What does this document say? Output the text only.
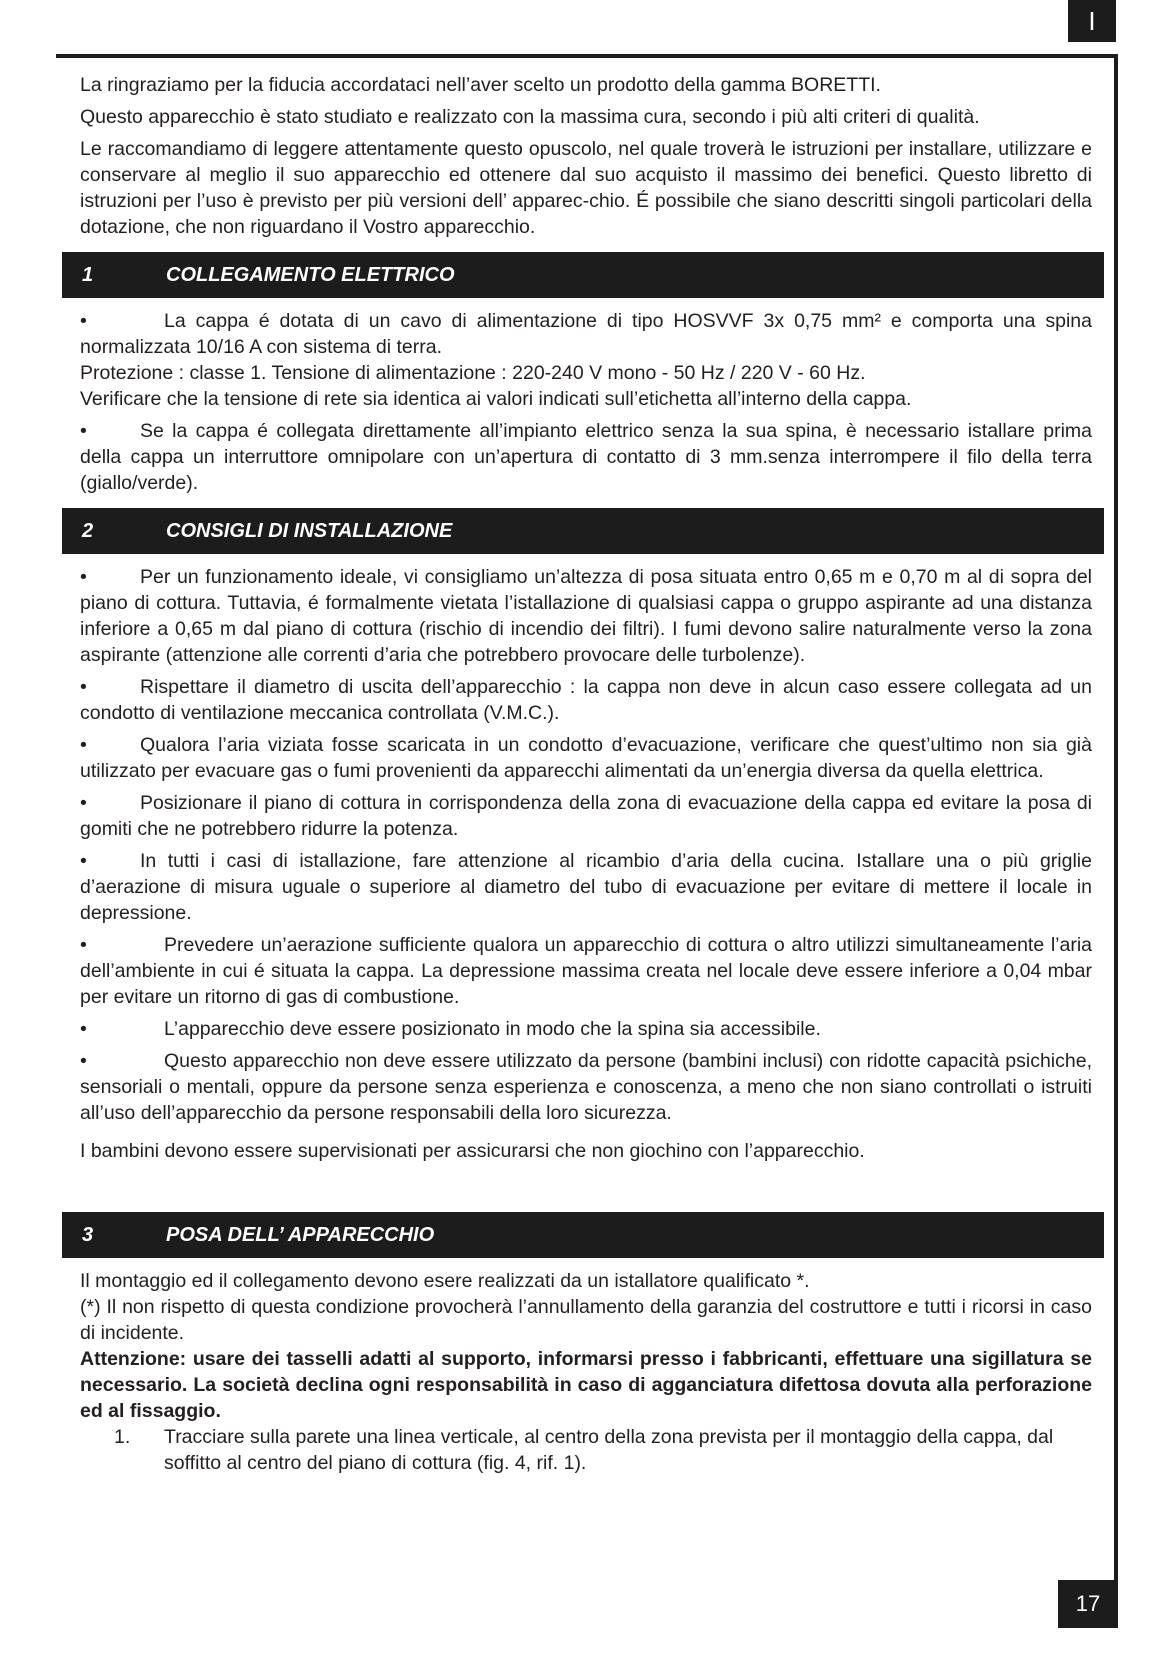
I

La ringraziamo per la fiducia accordataci nell’aver scelto un prodotto della gamma BORETTI.

Questo apparecchio è stato studiato e realizzato con la massima cura, secondo i più alti criteri di qualità.

Le raccomandiamo di leggere attentamente questo opuscolo, nel quale troverà le istruzioni per installare, utilizzare e conservare al meglio il suo apparecchio ed ottenere dal suo acquisto il massimo dei benefici. Questo libretto di istruzioni per l’uso è previsto per più versioni dell’ apparec-chio. É possibile che siano descritti singoli particolari della dotazione, che non riguardano il Vostro apparecchio.

1	COLLEGAMENTO ELETTRICO

•	La cappa é dotata di un cavo di alimentazione di tipo HOSVVF 3x 0,75 mm² e comporta una spina normalizzata 10/16 A con sistema di terra.

Protezione : classe 1. Tensione di alimentazione : 220-240 V mono - 50 Hz / 220 V - 60 Hz.

Verificare che la tensione di rete sia identica ai valori indicati sull’etichetta all’interno della cappa.

•	Se la cappa é collegata direttamente all’impianto elettrico senza la sua spina, è necessario istallare prima della cappa un interruttore omnipolare con un’apertura di contatto di 3 mm.senza interrompere il filo della terra (giallo/verde).

2	CONSIGLI DI INSTALLAZIONE

•	Per un funzionamento ideale, vi consigliamo un’altezza di posa situata entro 0,65 m e 0,70 m al di sopra del piano di cottura. Tuttavia, é formalmente vietata l’istallazione di qualsiasi cappa o gruppo aspirante ad una distanza inferiore a 0,65 m dal piano di cottura (rischio di incendio dei filtri). I fumi devono salire naturalmente verso la zona aspirante (attenzione alle correnti d’aria che potrebbero provocare delle turbolenze).

•	Rispettare il diametro di uscita dell’apparecchio : la cappa non deve in alcun caso essere collegata ad un condotto di ventilazione meccanica controllata (V.M.C.).

•	Qualora l’aria viziata fosse scaricata in un condotto d’evacuazione, verificare che quest’ultimo non sia già utilizzato per evacuare gas o fumi provenienti da apparecchi alimentati da un’energia diversa da quella elettrica.

•	Posizionare il piano di cottura in corrispondenza della zona di evacuazione della cappa ed evitare la posa di gomiti che ne potrebbero ridurre la potenza.

•	In tutti i casi di istallazione, fare attenzione al ricambio d’aria della cucina. Istallare una o più griglie d’aerazione di misura uguale o superiore al diametro del tubo di evacuazione per evitare di mettere il locale in depressione.

•	Prevedere un’aerazione sufficiente qualora un apparecchio di cottura o altro utilizzi simultaneamente l’aria dell’ambiente in cui é situata la cappa. La depressione massima creata nel locale deve essere inferiore a 0,04 mbar per evitare un ritorno di gas di combustione.

•	L’apparecchio deve essere posizionato in modo che la spina sia accessibile.

•	Questo apparecchio non deve essere utilizzato da persone (bambini inclusi) con ridotte capacità psichiche, sensoriali o mentali, oppure da persone senza esperienza e conoscenza, a meno che non siano controllati o istruiti all’uso dell’apparecchio da persone responsabili della loro sicurezza.

I bambini devono essere supervisionati per assicurarsi che non giochino con l’apparecchio.

3	POSA DELL’ APPARECCHIO

Il montaggio ed il collegamento devono esere realizzati da un istallatore qualificato *.

(*) Il non rispetto di questa condizione provocherà l’annullamento della garanzia del costruttore e tutti i ricorsi in caso di incidente.

Attenzione: usare dei tasselli adatti al supporto, informarsi presso i fabbricanti, effettuare una sigillatura se necessario. La società declina ogni responsabilità in caso di agganciatura difettosa dovuta alla perforazione ed al fissaggio.

1.	Tracciare sulla parete una linea verticale, al centro della zona prevista per il montaggio della cappa, dal soffitto al centro del piano di cottura (fig. 4, rif. 1).
17
